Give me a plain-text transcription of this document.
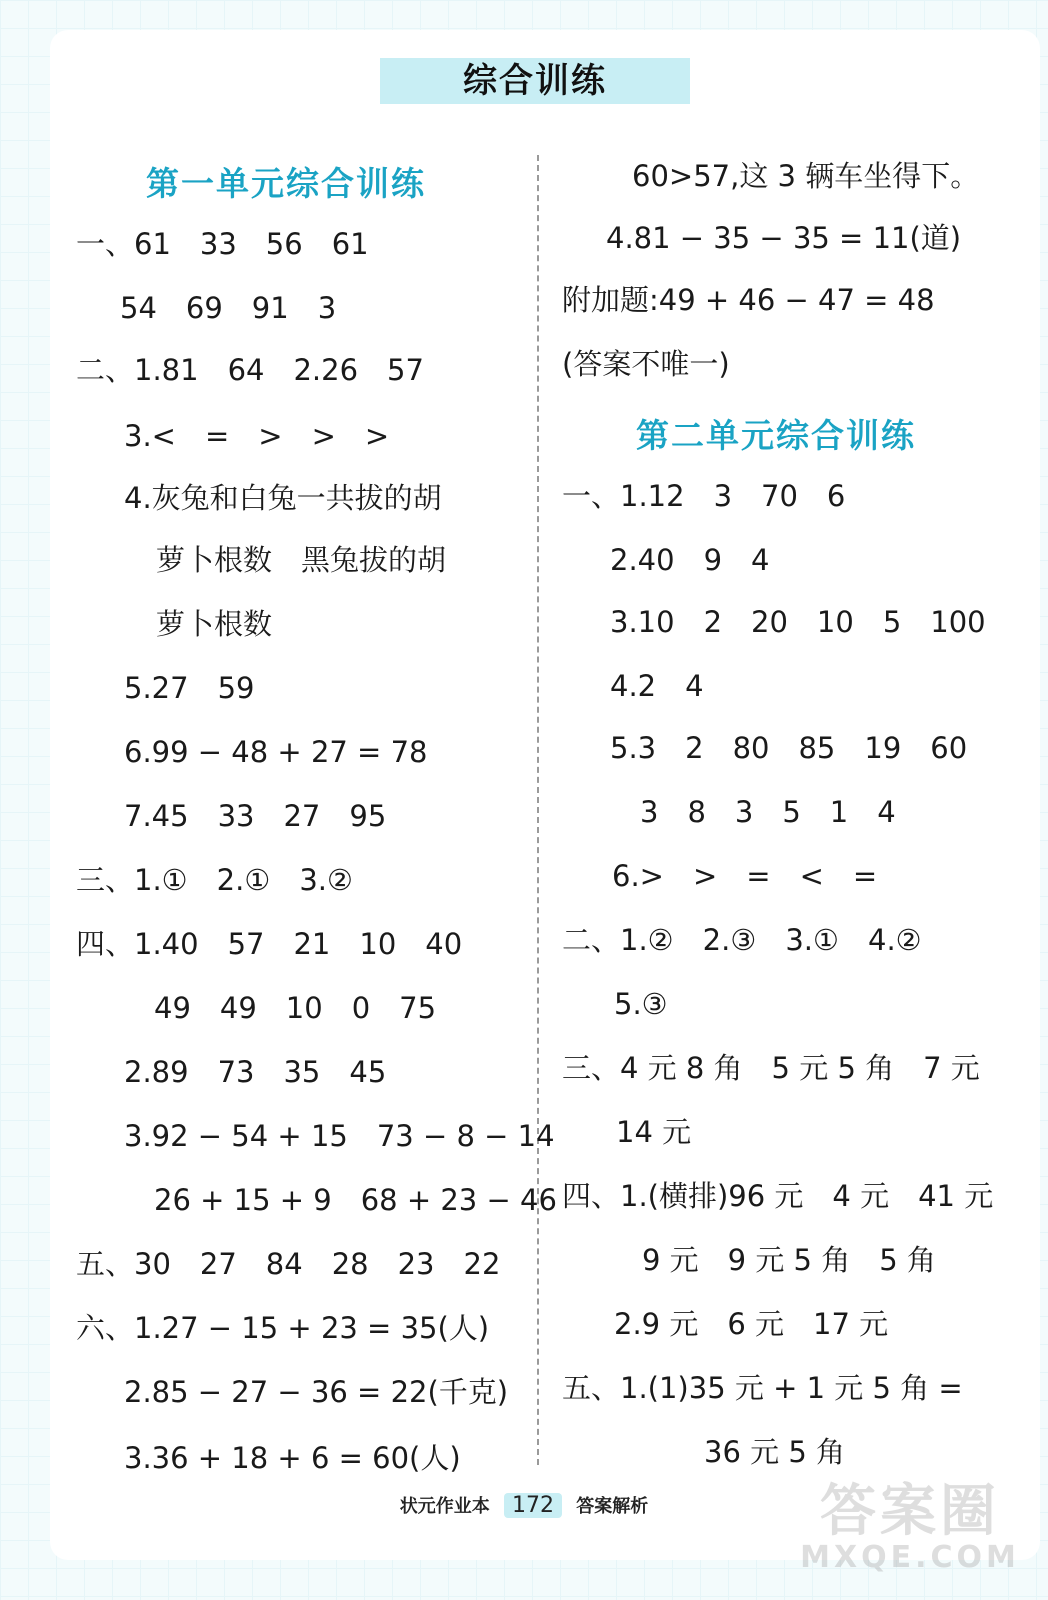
综合训练
第一单元综合训练
一、61　33　56　61
54　69　91　3
二、1.81　64　2.26　57
3.<　=　>　>　>
4.灰兔和白兔一共拔的胡
萝卜根数　黑兔拔的胡
萝卜根数
5.27　59
6.99 − 48 + 27 = 78
7.45　33　27　95
三、1.①　2.①　3.②
四、1.40　57　21　10　40
49　49　10　0　75
2.89　73　35　45
3.92 − 54 + 15　73 − 8 − 14
26 + 15 + 9　68 + 23 − 46
五、30　27　84　28　23　22
六、1.27 − 15 + 23 = 35(人)
2.85 − 27 − 36 = 22(千克)
3.36 + 18 + 6 = 60(人)
60>57,这 3 辆车坐得下。
4.81 − 35 − 35 = 11(道)
附加题:49 + 46 − 47 = 48
(答案不唯一)
第二单元综合训练
一、1.12　3　70　6
2.40　9　4
3.10　2　20　10　5　100
4.2　4
5.3　2　80　85　19　60
3　8　3　5　1　4
6.>　>　=　<　=
二、1.②　2.③　3.①　4.②
5.③
三、4 元 8 角　5 元 5 角　7 元
14 元
四、1.(横排)96 元　4 元　41 元
9 元　9 元 5 角　5 角
2.9 元　6 元　17 元
五、1.(1)35 元 + 1 元 5 角 =
36 元 5 角
状元作业本 172 答案解析	答案圈
MXQE.COM
